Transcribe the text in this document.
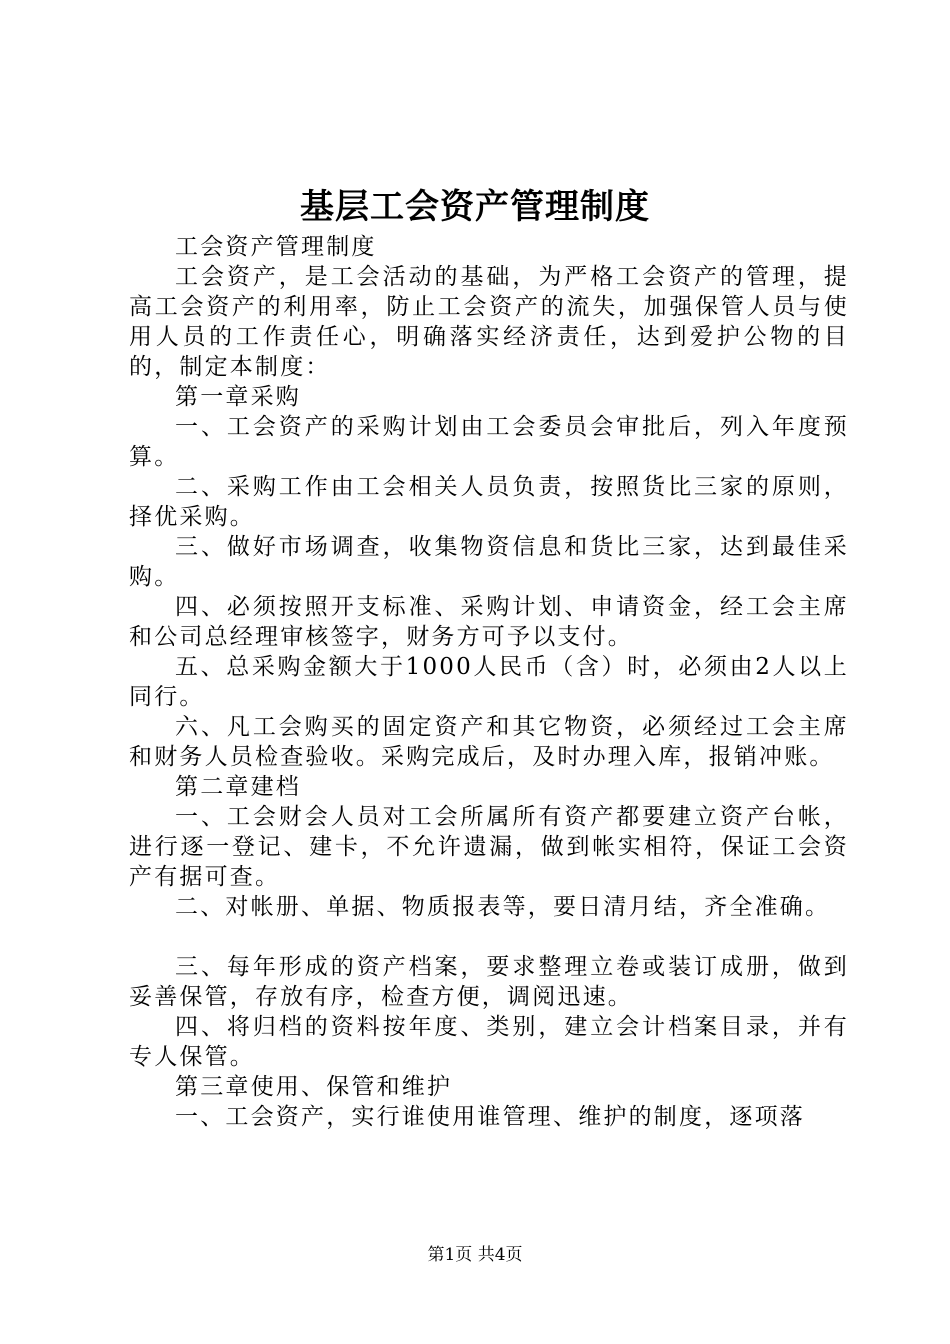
基层工会资产管理制度

工会资产管理制度

工会资产，是工会活动的基础，为严格工会资产的管理，提高工会资产的利用率，防止工会资产的流失，加强保管人员与使用人员的工作责任心，明确落实经济责任，达到爱护公物的目的，制定本制度：

第一章采购

一、工会资产的采购计划由工会委员会审批后，列入年度预算。

二、采购工作由工会相关人员负责，按照货比三家的原则，择优采购。

三、做好市场调查，收集物资信息和货比三家，达到最佳采购。

四、必须按照开支标准、采购计划、申请资金，经工会主席和公司总经理审核签字，财务方可予以支付。

五、总采购金额大于1000人民币（含）时，必须由2人以上同行。

六、凡工会购买的固定资产和其它物资，必须经过工会主席和财务人员检查验收。采购完成后，及时办理入库，报销冲账。

第二章建档

一、工会财会人员对工会所属所有资产都要建立资产台帐，进行逐一登记、建卡，不允许遗漏，做到帐实相符，保证工会资产有据可查。

二、对帐册、单据、物质报表等，要日清月结，齐全准确。

三、每年形成的资产档案，要求整理立卷或装订成册，做到妥善保管，存放有序，检查方便，调阅迅速。

四、将归档的资料按年度、类别，建立会计档案目录，并有专人保管。

第三章使用、保管和维护

一、工会资产，实行谁使用谁管理、维护的制度，逐项落

第1页 共4页
